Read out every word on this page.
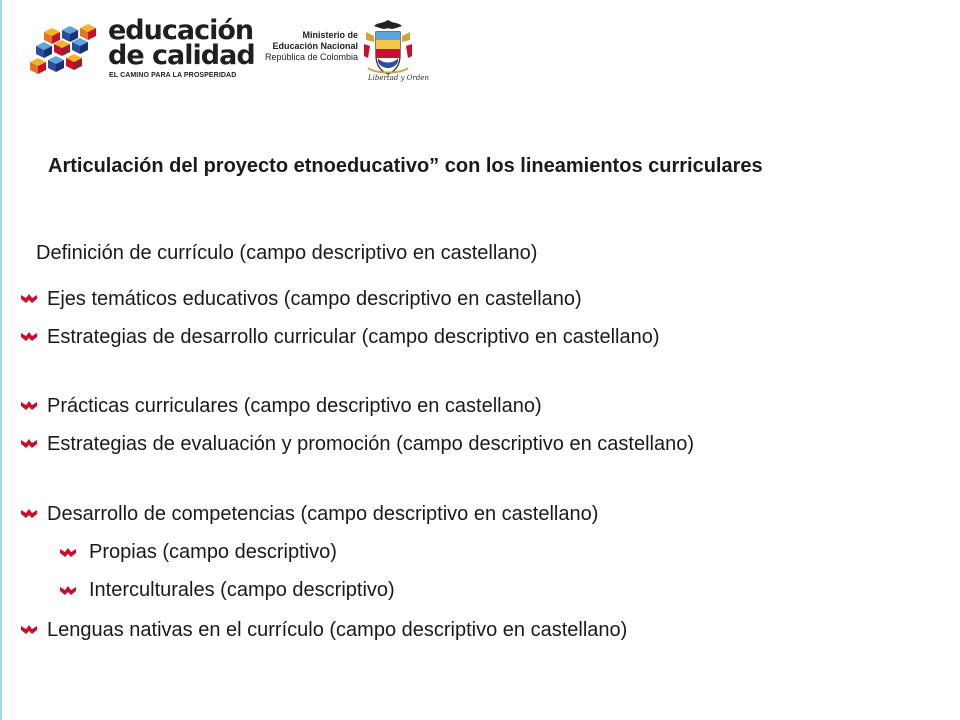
educación
de calidad
EL CAMINO PARA LA PROSPERIDAD
Ministerio de
Educación Nacional
República de Colombia
Libertad y Orden
Articulación del proyecto etnoeducativo” con los lineamientos curriculares
Definición de currículo (campo descriptivo en castellano)
Ejes temáticos educativos (campo descriptivo en castellano)
Estrategias de desarrollo curricular (campo descriptivo en castellano)
Prácticas curriculares (campo descriptivo en castellano)
Estrategias de evaluación y promoción (campo descriptivo en castellano)
Desarrollo de competencias (campo descriptivo en castellano)
Propias (campo descriptivo)
Interculturales (campo descriptivo)
Lenguas nativas en el currículo (campo descriptivo en castellano)
